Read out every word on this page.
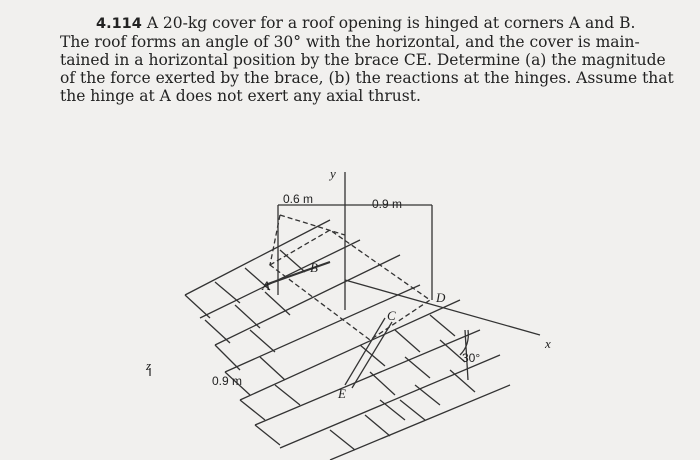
4.114 A 20-kg cover for a roof opening is hinged at corners A and B.
The roof forms an angle of 30° with the horizontal, and the cover is main-
tained in a horizontal position by the brace CE. Determine (a) the magnitude
of the force exerted by the brace, (b) the reactions at the hinges. Assume that
the hinge at A does not exert any axial thrust.
0.6 m	0.9 m
0.9 m
30°
y
x
z
A
B
C
D
E
